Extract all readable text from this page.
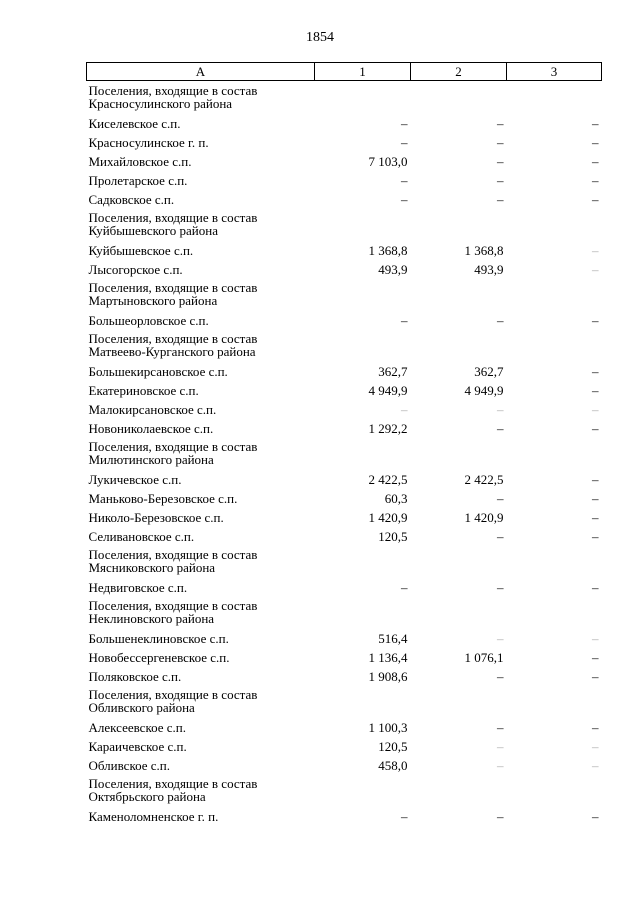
1854
А	1	2	3
Поселения, входящие в состав Красносулинского района			
Киселевское с.п.	–	–	–
Красносулинское г. п.	–	–	–
Михайловское с.п.	7 103,0	–	–
Пролетарское с.п.	–	–	–
Садковское с.п.	–	–	–
Поселения, входящие в состав Куйбышевского района			
Куйбышевское с.п.	1 368,8	1 368,8	–
Лысогорское с.п.	493,9	493,9	–
Поселения, входящие в состав Мартыновского района			
Большеорловское с.п.	–	–	–
Поселения, входящие в состав Матвеево-Курганского района			
Большекирсановское с.п.	362,7	362,7	–
Екатериновское с.п.	4 949,9	4 949,9	–
Малокирсановское с.п.	–	–	–
Новониколаевское с.п.	1 292,2	–	–
Поселения, входящие в состав Милютинского района			
Лукичевское с.п.	2 422,5	2 422,5	–
Маньково-Березовское с.п.	60,3	–	–
Николо-Березовское с.п.	1 420,9	1 420,9	–
Селивановское с.п.	120,5	–	–
Поселения, входящие в состав Мясниковского района			
Недвиговское с.п.	–	–	–
Поселения, входящие в состав Неклиновского района			
Большенеклиновское с.п.	516,4	–	–
Новобессергеневское с.п.	1 136,4	1 076,1	–
Поляковское с.п.	1 908,6	–	–
Поселения, входящие в состав Обливского района			
Алексеевское с.п.	1 100,3	–	–
Караичевское с.п.	120,5	–	–
Обливское с.п.	458,0	–	–
Поселения, входящие в состав Октябрьского района			
Каменоломненское г. п.	–	–	–
